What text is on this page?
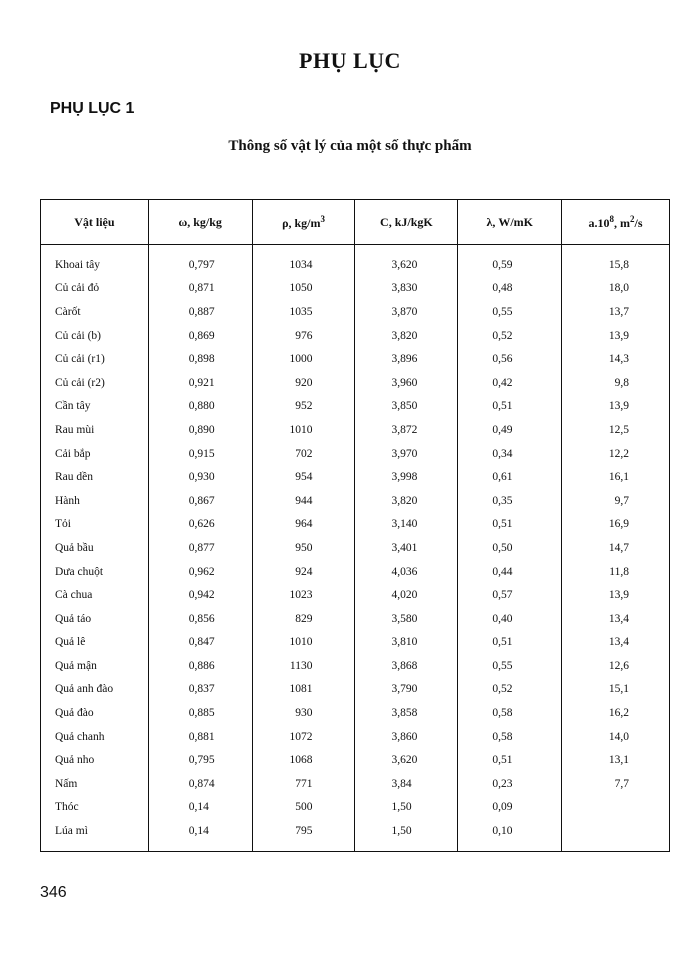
PHỤ LỤC
PHỤ LỤC 1
Thông số vật lý của một số thực phẩm
Vật liệu	ω, kg/kg	ρ, $kg/m^3$	C, kJ/kgK	λ, W/mK	$a.10^8$, $m^2/s$
Khoai tây	0,797	1034	3,620	0,59	15,8
Củ cải đỏ	0,871	1050	3,830	0,48	18,0
Càrốt	0,887	1035	3,870	0,55	13,7
Củ cải (b)	0,869	976	3,820	0,52	13,9
Củ cải (r1)	0,898	1000	3,896	0,56	14,3
Củ cải (r2)	0,921	920	3,960	0,42	9,8
Cần tây	0,880	952	3,850	0,51	13,9
Rau mùi	0,890	1010	3,872	0,49	12,5
Cải bắp	0,915	702	3,970	0,34	12,2
Rau dền	0,930	954	3,998	0,61	16,1
Hành	0,867	944	3,820	0,35	9,7
Tỏi	0,626	964	3,140	0,51	16,9
Quả bầu	0,877	950	3,401	0,50	14,7
Dưa chuột	0,962	924	4,036	0,44	11,8
Cà chua	0,942	1023	4,020	0,57	13,9
Quả táo	0,856	829	3,580	0,40	13,4
Quả lê	0,847	1010	3,810	0,51	13,4
Quả mận	0,886	1130	3,868	0,55	12,6
Quả anh đào	0,837	1081	3,790	0,52	15,1
Quả đào	0,885	930	3,858	0,58	16,2
Quả chanh	0,881	1072	3,860	0,58	14,0
Quả nho	0,795	1068	3,620	0,51	13,1
Nấm	0,874	771	3,84	0,23	7,7
Thóc	0,14	500	1,50	0,09	
Lúa mì	0,14	795	1,50	0,10	
346
